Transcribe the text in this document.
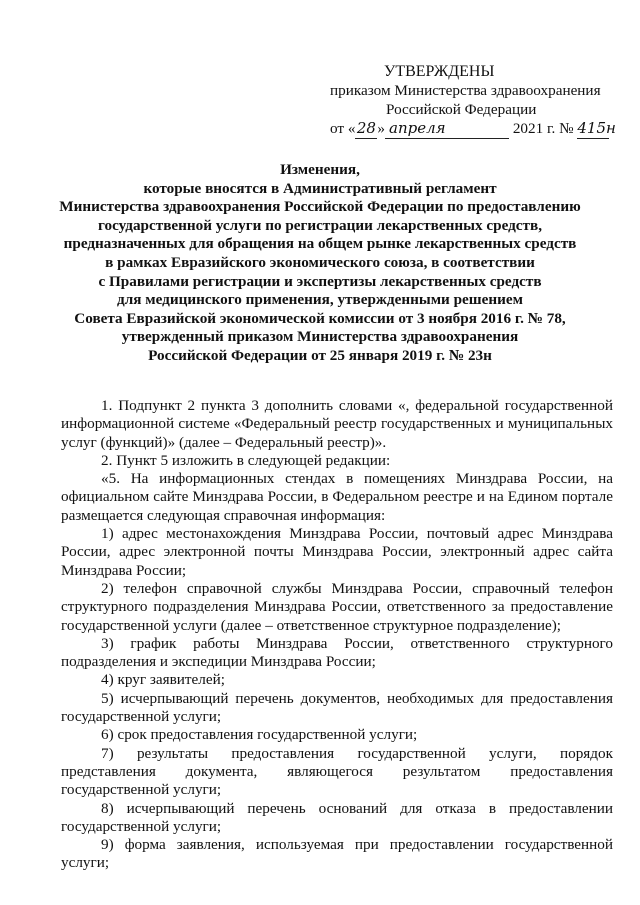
УТВЕРЖДЕНЫ
приказом Министерства здравоохранения
Российской Федерации
от «28» апреля	2021 г. № 415н
Изменения,
которые вносятся в Административный регламент
Министерства здравоохранения Российской Федерации по предоставлению
государственной услуги по регистрации лекарственных средств,
предназначенных для обращения на общем рынке лекарственных средств
в рамках Евразийского экономического союза, в соответствии
с Правилами регистрации и экспертизы лекарственных средств
для медицинского применения, утвержденными решением
Совета Евразийской экономической комиссии от 3 ноября 2016 г. № 78,
утвержденный приказом Министерства здравоохранения
Российской Федерации от 25 января 2019 г. № 23н

1. Подпункт 2 пункта 3 дополнить словами «, федеральной государственной информационной системе «Федеральный реестр государственных и муниципальных услуг (функций)» (далее – Федеральный реестр)».

2. Пункт 5 изложить в следующей редакции:

«5. На информационных стендах в помещениях Минздрава России, на официальном сайте Минздрава России, в Федеральном реестре и на Едином портале размещается следующая справочная информация:

1) адрес местонахождения Минздрава России, почтовый адрес Минздрава России, адрес электронной почты Минздрава России, электронный адрес сайта Минздрава России;

2) телефон справочной службы Минздрава России, справочный телефон структурного подразделения Минздрава России, ответственного за предоставление государственной услуги (далее – ответственное структурное подразделение);

3) график работы Минздрава России, ответственного структурного подразделения и экспедиции Минздрава России;

4) круг заявителей;

5) исчерпывающий перечень документов, необходимых для предоставления государственной услуги;

6) срок предоставления государственной услуги;

7) результаты предоставления государственной услуги, порядок представления документа, являющегося результатом предоставления государственной услуги;

8) исчерпывающий перечень оснований для отказа в предоставлении государственной услуги;

9) форма заявления, используемая при предоставлении государственной услуги;
